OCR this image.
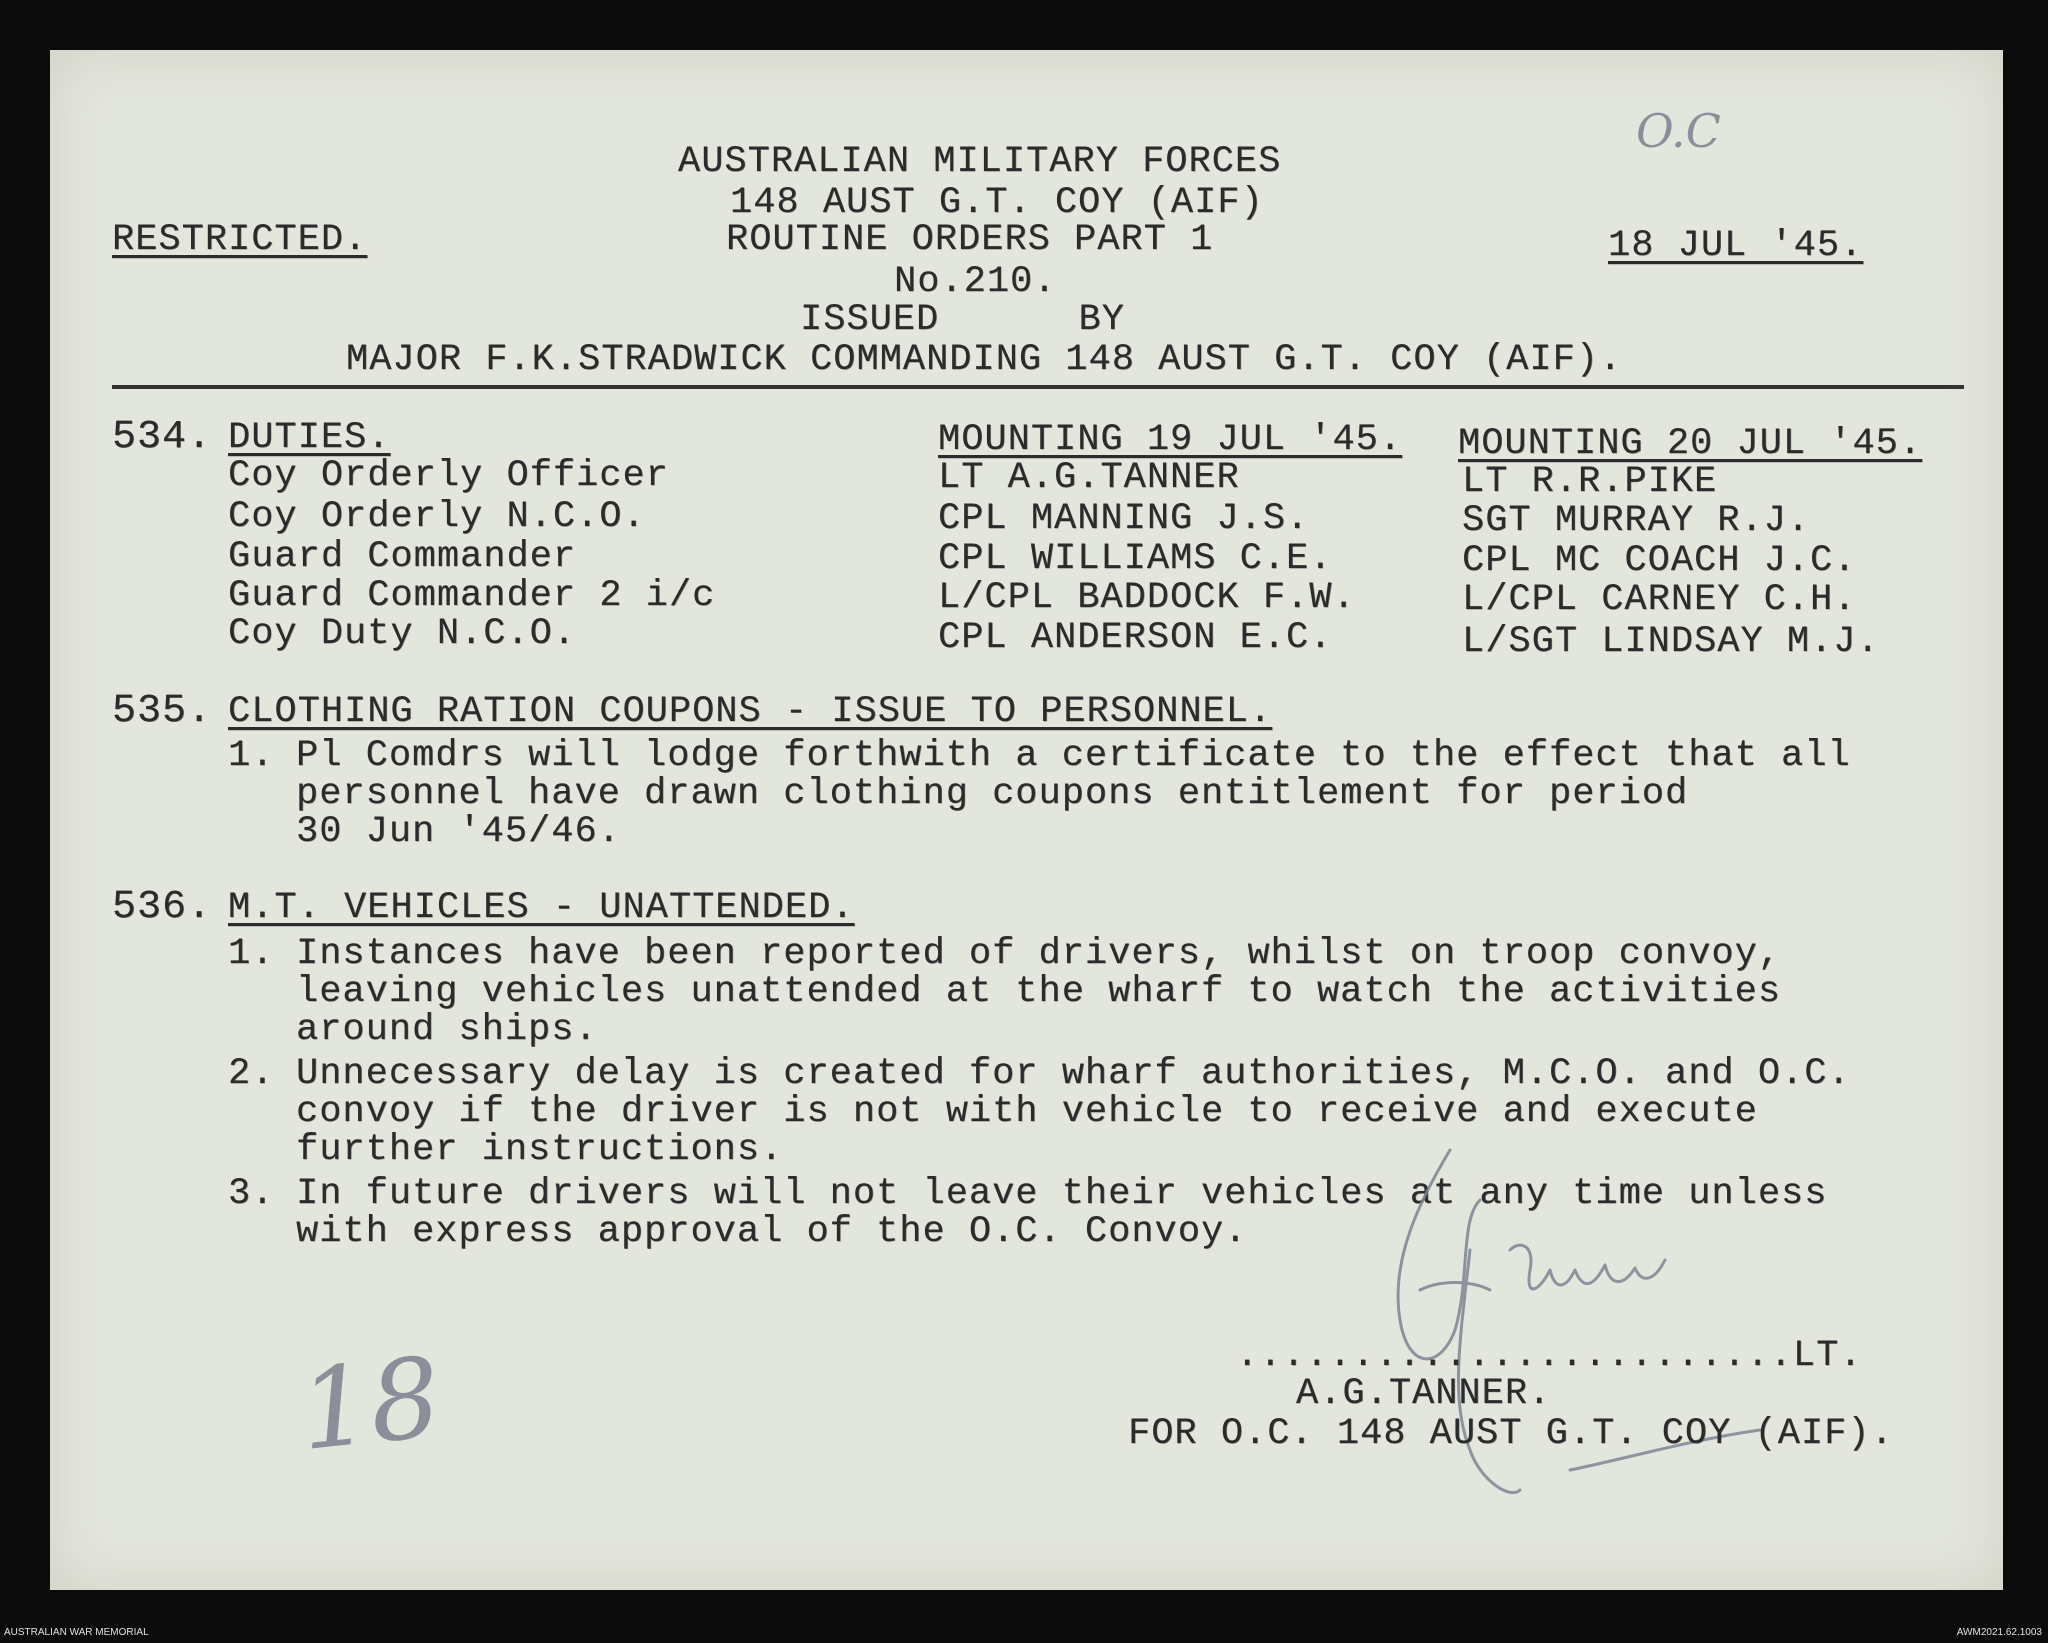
AUSTRALIAN MILITARY FORCES
148 AUST G.T. COY (AIF)
RESTRICTED.	ROUTINE ORDERS PART 1	18 JUL '45.
No.210.
ISSUED      BY
MAJOR F.K.STRADWICK COMMANDING 148 AUST G.T. COY (AIF).
O.C
534. DUTIES.	MOUNTING 19 JUL '45. MOUNTING 20 JUL '45.
Coy Orderly Officer	LT A.G.TANNER	LT R.R.PIKE
Coy Orderly N.C.O.	CPL MANNING J.S.	SGT MURRAY R.J.
Guard Commander	CPL WILLIAMS C.E.	CPL MC COACH J.C.
Guard Commander 2 i/c	L/CPL BADDOCK F.W.	L/CPL CARNEY C.H.
Coy Duty N.C.O.	CPL ANDERSON E.C.	L/SGT LINDSAY M.J.
535. CLOTHING RATION COUPONS - ISSUE TO PERSONNEL.
1. Pl Comdrs will lodge forthwith a certificate to the effect that all
personnel have drawn clothing coupons entitlement for period
30 Jun '45/46.
536. M.T. VEHICLES - UNATTENDED.
1. Instances have been reported of drivers, whilst on troop convoy,
leaving vehicles unattended at the wharf to watch the activities
around ships.
2. Unnecessary delay is created for wharf authorities, M.C.O. and O.C.
convoy if the driver is not with vehicle to receive and execute
further instructions.
3. In future drivers will not leave their vehicles at any time unless
with express approval of the O.C. Convoy.
........................LT.
A.G.TANNER.
FOR O.C. 148 AUST G.T. COY (AIF).
18
AUSTRALIAN WAR MEMORIAL	AWM2021.62.1003
